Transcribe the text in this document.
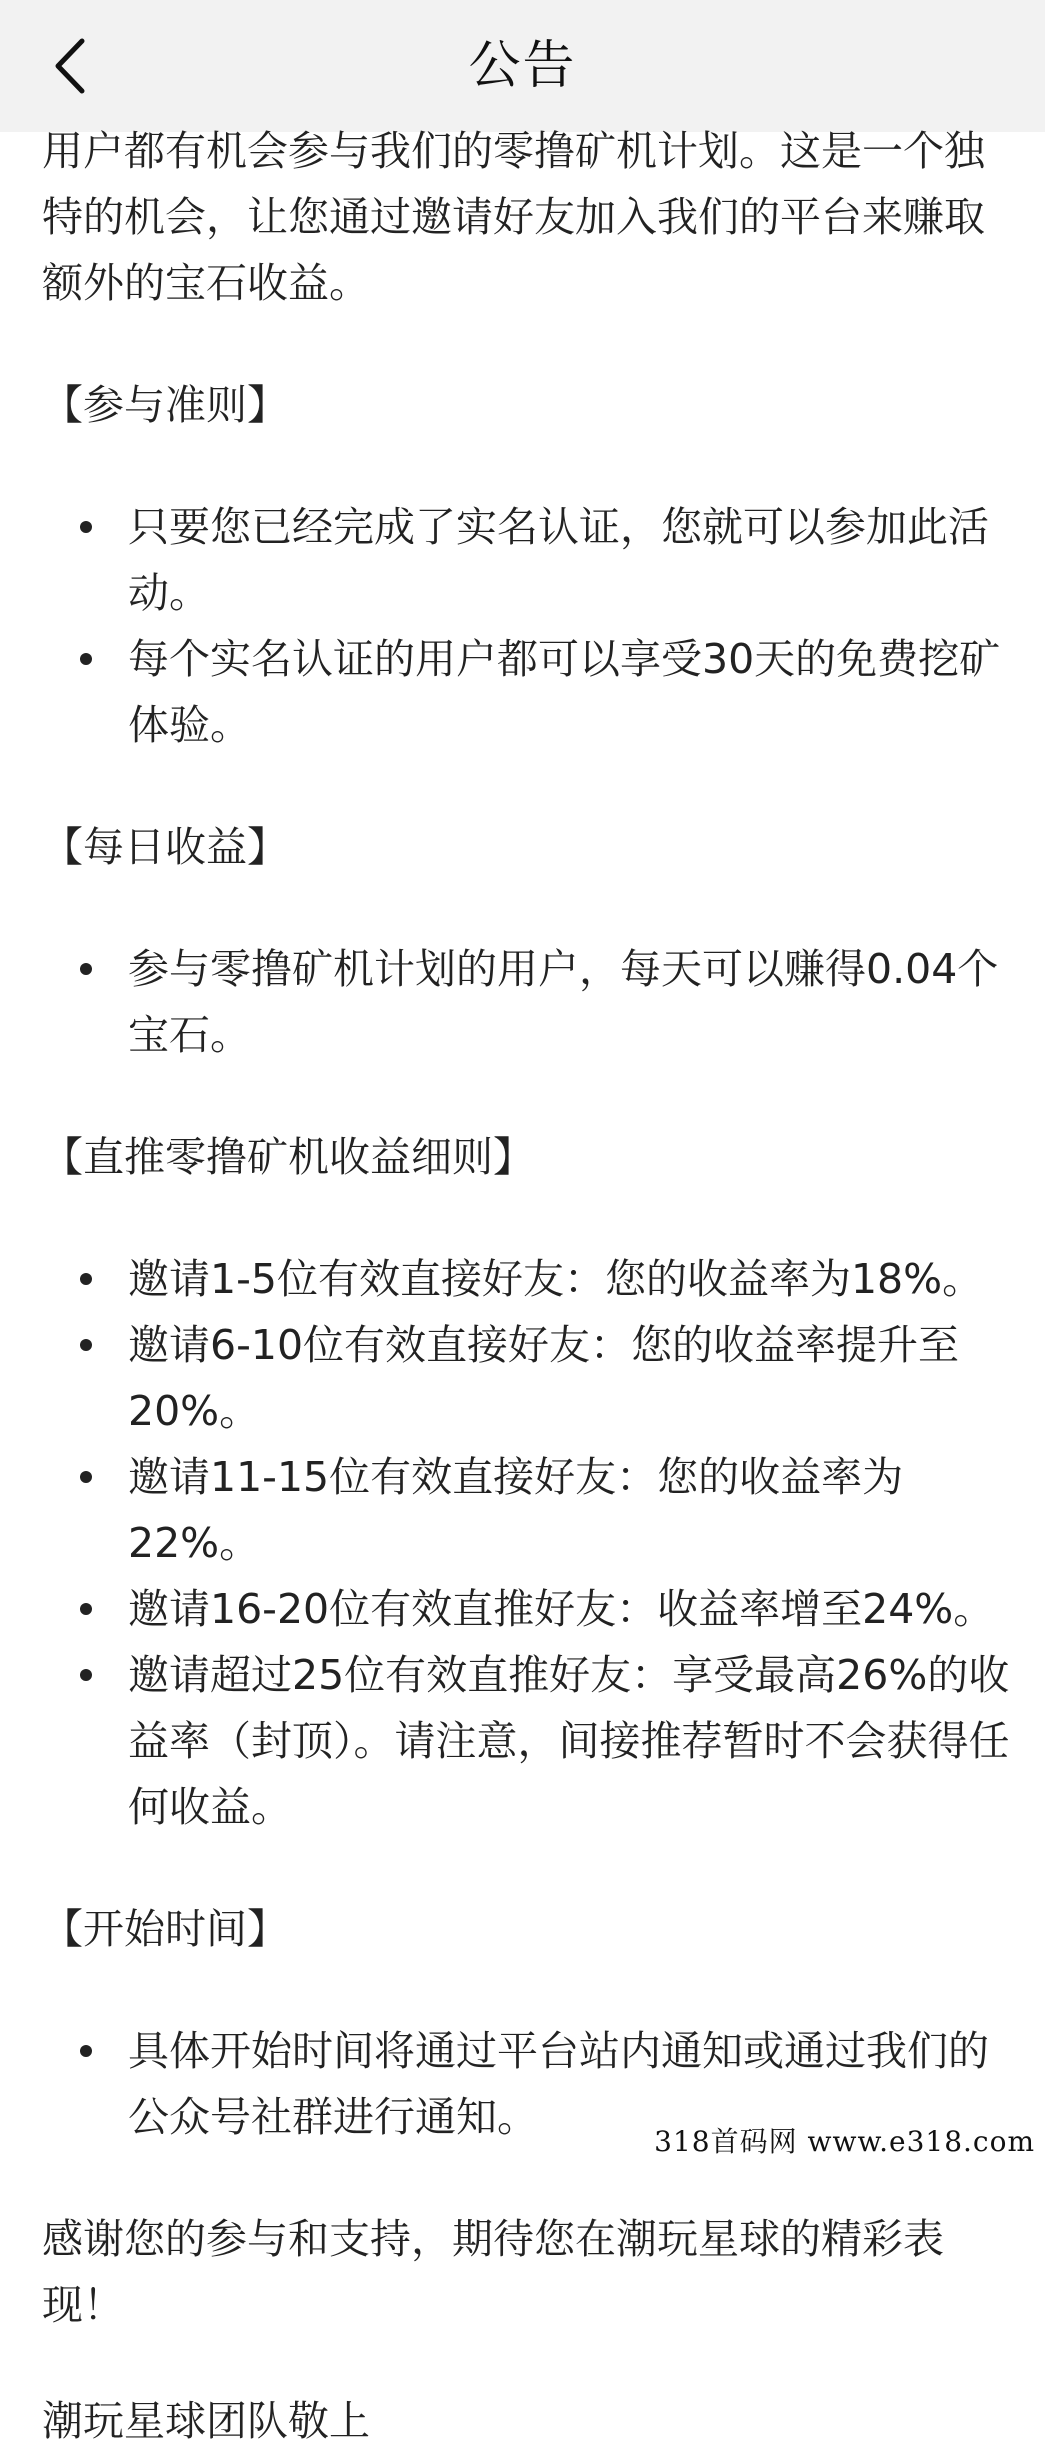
公告

用户都有机会参与我们的零撸矿机计划。这是一个独特的机会，让您通过邀请好友加入我们的平台来赚取额外的宝石收益。

【参与准则】

只要您已经完成了实名认证，您就可以参加此活动。
每个实名认证的用户都可以享受30天的免费挖矿体验。

【每日收益】

参与零撸矿机计划的用户，每天可以赚得0.04个宝石。

【直推零撸矿机收益细则】

邀请1-5位有效直接好友：您的收益率为18%。
邀请6-10位有效直接好友：您的收益率提升至20%。
邀请11-15位有效直接好友：您的收益率为22%。
邀请16-20位有效直推好友：收益率增至24%。
邀请超过25位有效直推好友：享受最高26%的收益率（封顶）。请注意，间接推荐暂时不会获得任何收益。

【开始时间】

具体开始时间将通过平台站内通知或通过我们的公众号社群进行通知。

感谢您的参与和支持，期待您在潮玩星球的精彩表现！

潮玩星球团队敬上

318首码网 www.e318.com
